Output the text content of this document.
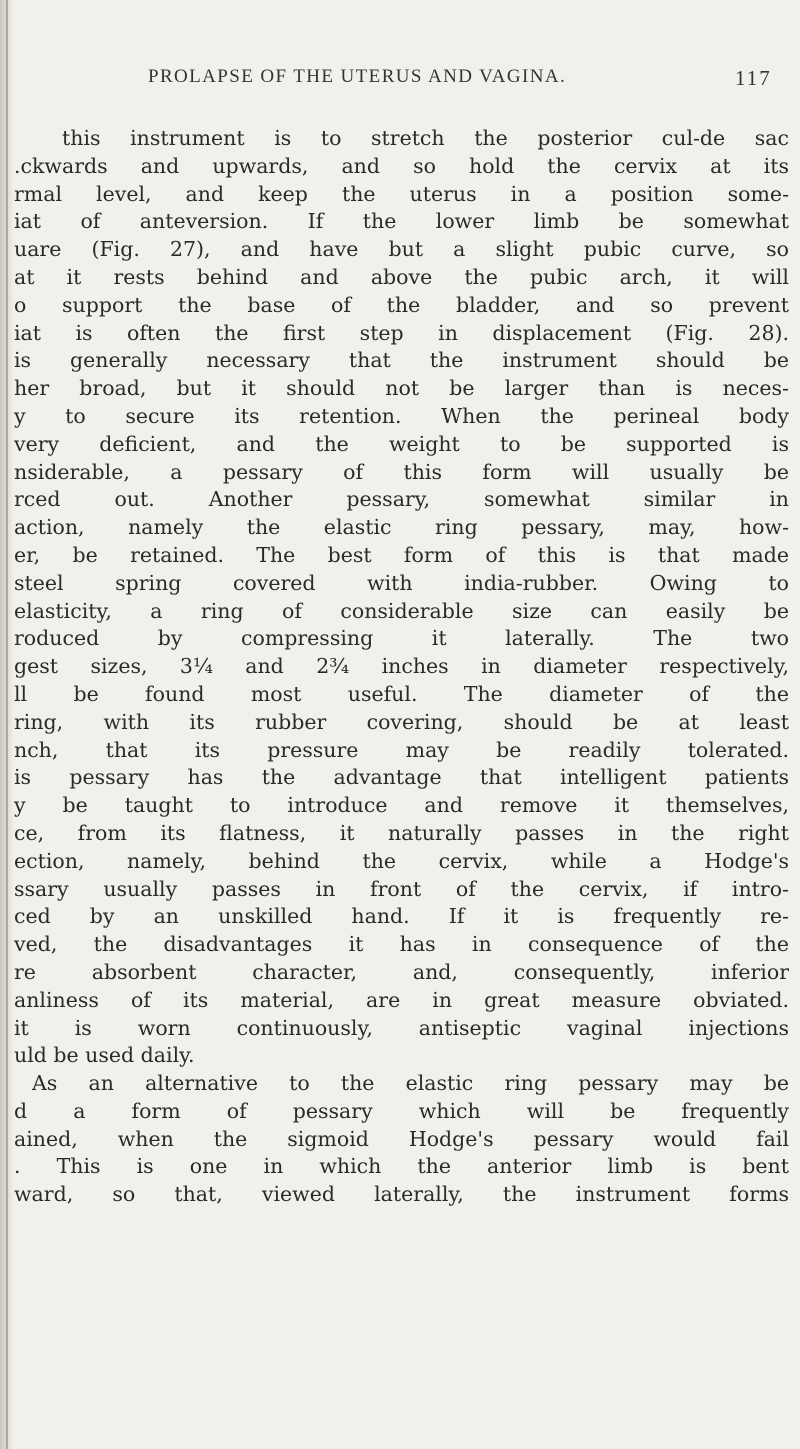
PROLAPSE OF THE UTERUS AND VAGINA.	117
this instrument is to stretch the posterior cul-de sac
.ckwards and upwards, and so hold the cervix at its
rmal level, and keep the uterus in a position some-
iat of anteversion. If the lower limb be somewhat
uare (Fig. 27), and have but a slight pubic curve, so
at it rests behind and above the pubic arch, it will
o support the base of the bladder, and so prevent
iat is often the first step in displacement (Fig. 28).
is generally necessary that the instrument should be
her broad, but it should not be larger than is neces-
y to secure its retention. When the perineal body
very deficient, and the weight to be supported is
nsiderable, a pessary of this form will usually be
rced out. Another pessary, somewhat similar in
action, namely the elastic ring pessary, may, how-
er, be retained. The best form of this is that made
steel spring covered with india-rubber. Owing to
elasticity, a ring of considerable size can easily be
roduced by compressing it laterally. The two
gest sizes, 3¼ and 2¾ inches in diameter respectively,
ll be found most useful. The diameter of the
ring, with its rubber covering, should be at least
nch, that its pressure may be readily tolerated.
is pessary has the advantage that intelligent patients
y be taught to introduce and remove it themselves,
ce, from its flatness, it naturally passes in the right
ection, namely, behind the cervix, while a Hodge's
ssary usually passes in front of the cervix, if intro-
ced by an unskilled hand. If it is frequently re-
ved, the disadvantages it has in consequence of the
re absorbent character, and, consequently, inferior
anliness of its material, are in great measure obviated.
it is worn continuously, antiseptic vaginal injections
uld be used daily.
As an alternative to the elastic ring pessary may be
d a form of pessary which will be frequently
ained, when the sigmoid Hodge's pessary would fail
. This is one in which the anterior limb is bent
ward, so that, viewed laterally, the instrument forms
